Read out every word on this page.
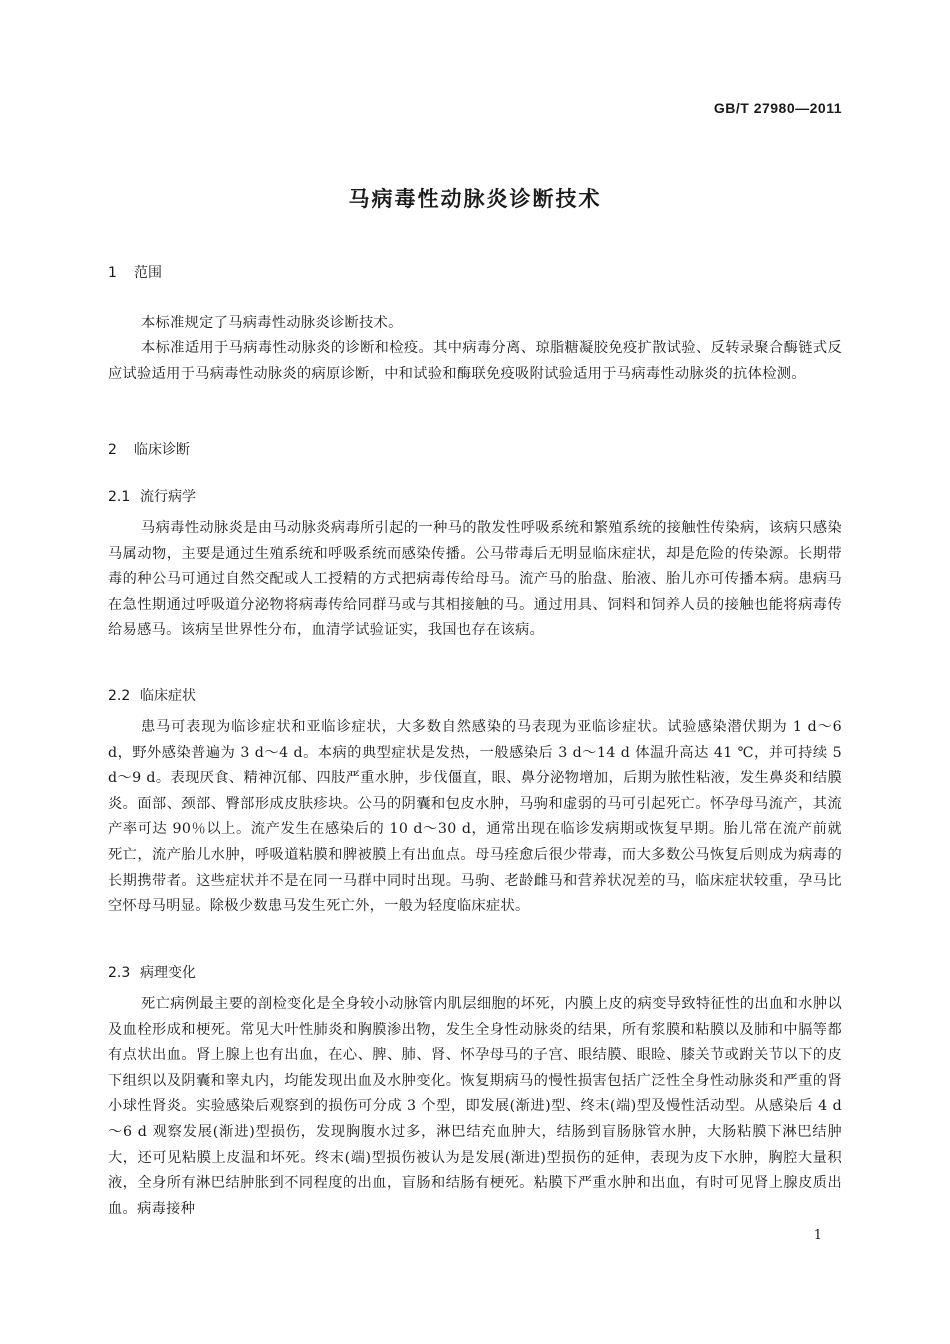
GB/T 27980—2011
马病毒性动脉炎诊断技术
1 范围
本标准规定了马病毒性动脉炎诊断技术。
本标准适用于马病毒性动脉炎的诊断和检疫。其中病毒分离、琼脂糖凝胶免疫扩散试验、反转录聚合酶链式反应试验适用于马病毒性动脉炎的病原诊断，中和试验和酶联免疫吸附试验适用于马病毒性动脉炎的抗体检测。
2 临床诊断
2.1 流行病学
马病毒性动脉炎是由马动脉炎病毒所引起的一种马的散发性呼吸系统和繁殖系统的接触性传染病，该病只感染马属动物，主要是通过生殖系统和呼吸系统而感染传播。公马带毒后无明显临床症状，却是危险的传染源。长期带毒的种公马可通过自然交配或人工授精的方式把病毒传给母马。流产马的胎盘、胎液、胎儿亦可传播本病。患病马在急性期通过呼吸道分泌物将病毒传给同群马或与其相接触的马。通过用具、饲料和饲养人员的接触也能将病毒传给易感马。该病呈世界性分布，血清学试验证实，我国也存在该病。
2.2 临床症状
患马可表现为临诊症状和亚临诊症状，大多数自然感染的马表现为亚临诊症状。试验感染潜伏期为 1 d～6 d，野外感染普遍为 3 d～4 d。本病的典型症状是发热，一般感染后 3 d～14 d 体温升高达 41 ℃，并可持续 5 d～9 d。表现厌食、精神沉郁、四肢严重水肿，步伐僵直，眼、鼻分泌物增加，后期为脓性粘液，发生鼻炎和结膜炎。面部、颈部、臀部形成皮肤疹块。公马的阴囊和包皮水肿，马驹和虚弱的马可引起死亡。怀孕母马流产，其流产率可达 90％以上。流产发生在感染后的 10 d～30 d，通常出现在临诊发病期或恢复早期。胎儿常在流产前就死亡，流产胎儿水肿，呼吸道粘膜和脾被膜上有出血点。母马痊愈后很少带毒，而大多数公马恢复后则成为病毒的长期携带者。这些症状并不是在同一马群中同时出现。马驹、老龄雌马和营养状况差的马，临床症状较重，孕马比空怀母马明显。除极少数患马发生死亡外，一般为轻度临床症状。
2.3 病理变化
死亡病例最主要的剖检变化是全身较小动脉管内肌层细胞的坏死，内膜上皮的病变导致特征性的出血和水肿以及血栓形成和梗死。常见大叶性肺炎和胸膜渗出物，发生全身性动脉炎的结果，所有浆膜和粘膜以及肺和中膈等都有点状出血。肾上腺上也有出血，在心、脾、肺、肾、怀孕母马的子宫、眼结膜、眼睑、膝关节或跗关节以下的皮下组织以及阴囊和睾丸内，均能发现出血及水肿变化。恢复期病马的慢性损害包括广泛性全身性动脉炎和严重的肾小球性肾炎。实验感染后观察到的损伤可分成 3 个型，即发展(渐进)型、终末(端)型及慢性活动型。从感染后 4 d～6 d 观察发展(渐进)型损伤，发现胸腹水过多，淋巴结充血肿大，结肠到盲肠脉管水肿，大肠粘膜下淋巴结肿大，还可见粘膜上皮温和坏死。终末(端)型损伤被认为是发展(渐进)型损伤的延伸，表现为皮下水肿，胸腔大量积液，全身所有淋巴结肿胀到不同程度的出血，盲肠和结肠有梗死。粘膜下严重水肿和出血，有时可见肾上腺皮质出血。病毒接种
1
